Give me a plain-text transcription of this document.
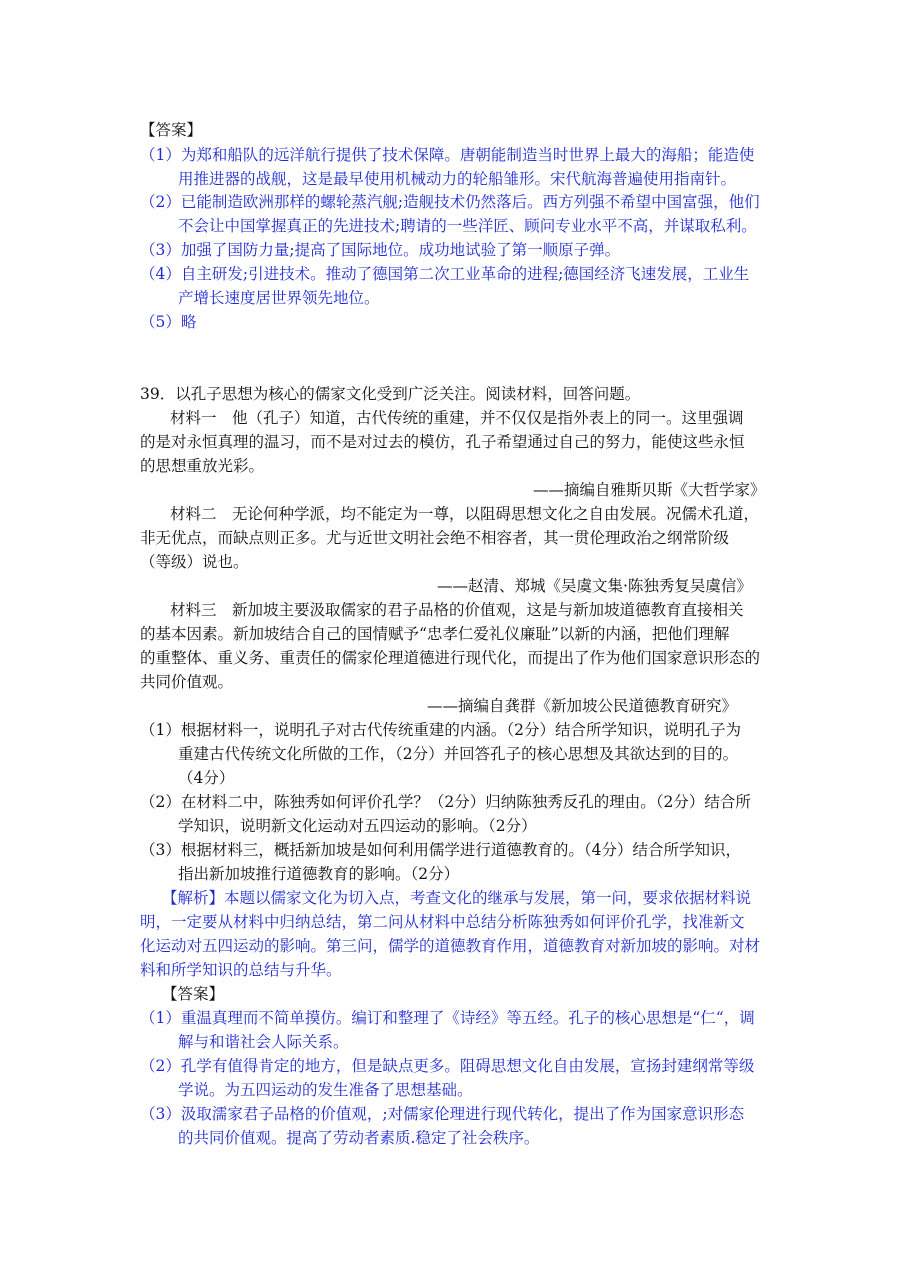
【答案】
（1）为郑和船队的远洋航行提供了技术保障。唐朝能制造当时世界上最大的海船；能造使
用推进器的战舰，这是最早使用机械动力的轮船雏形。宋代航海普遍使用指南针。
（2）已能制造欧洲那样的螺轮蒸汽舰;造舰技术仍然落后。西方列强不希望中国富强，他们
不会让中国掌握真正的先进技术;聘请的一些洋匠、顾问专业水平不高，并谋取私利。
（3）加强了国防力量;提高了国际地位。成功地试验了第一顺原子弹。
（4）自主研发;引进技术。推动了德国第二次工业革命的进程;德国经济飞速发展，工业生
产增长速度居世界领先地位。
（5）略
39．以孔子思想为核心的儒家文化受到广泛关注。阅读材料，回答问题。
材料一　他（孔子）知道，古代传统的重建，并不仅仅是指外表上的同一。这里强调
的是对永恒真理的温习，而不是对过去的模仿，孔子希望通过自己的努力，能使这些永恒
的思想重放光彩。
——摘编自雅斯贝斯《大哲学家》
材料二　无论何种学派，均不能定为一尊，以阻碍思想文化之自由发展。况儒术孔道，
非无优点，而缺点则正多。尤与近世文明社会绝不相容者，其一贯伦理政治之纲常阶级
（等级）说也。
——赵清、郑城《吴虞文集·陈独秀复吴虞信》
材料三　新加坡主要汲取儒家的君子品格的价值观，这是与新加坡道德教育直接相关
的基本因素。新加坡结合自己的国情赋予“忠孝仁爱礼仪廉耻”以新的内涵，把他们理解
的重整体、重义务、重责任的儒家伦理道德进行现代化，而提出了作为他们国家意识形态的
共同价值观。
——摘编自龚群《新加坡公民道德教育研究》
（1）根据材料一，说明孔子对古代传统重建的内涵。（2分）结合所学知识，说明孔子为
重建古代传统文化所做的工作，（2分）并回答孔子的核心思想及其欲达到的目的。
（4分）
（2）在材料二中，陈独秀如何评价孔学？（2分）归纳陈独秀反孔的理由。（2分）结合所
学知识，说明新文化运动对五四运动的影响。（2分）
（3）根据材料三，概括新加坡是如何利用儒学进行道德教育的。（4分）结合所学知识，
指出新加坡推行道德教育的影响。（2分）
【解析】本题以儒家文化为切入点，考查文化的继承与发展，第一问，要求依据材料说
明，一定要从材料中归纳总结，第二问从材料中总结分析陈独秀如何评价孔学，找准新文
化运动对五四运动的影响。第三问，儒学的道德教育作用，道德教育对新加坡的影响。对材
料和所学知识的总结与升华。
【答案】
（1）重温真理而不简单摸仿。编订和整理了《诗经》等五经。孔子的核心思想是“仁“，调
解与和谐社会人际关系。
（2）孔学有值得肯定的地方，但是缺点更多。阻碍思想文化自由发展，宣扬封建纲常等级
学说。为五四运动的发生准备了思想基础。
（3）汲取濡家君子品格的价值观，;对儒家伦理进行现代转化，提出了作为国家意识形态
的共同价值观。提高了劳动者素质.稳定了社会秩序。
